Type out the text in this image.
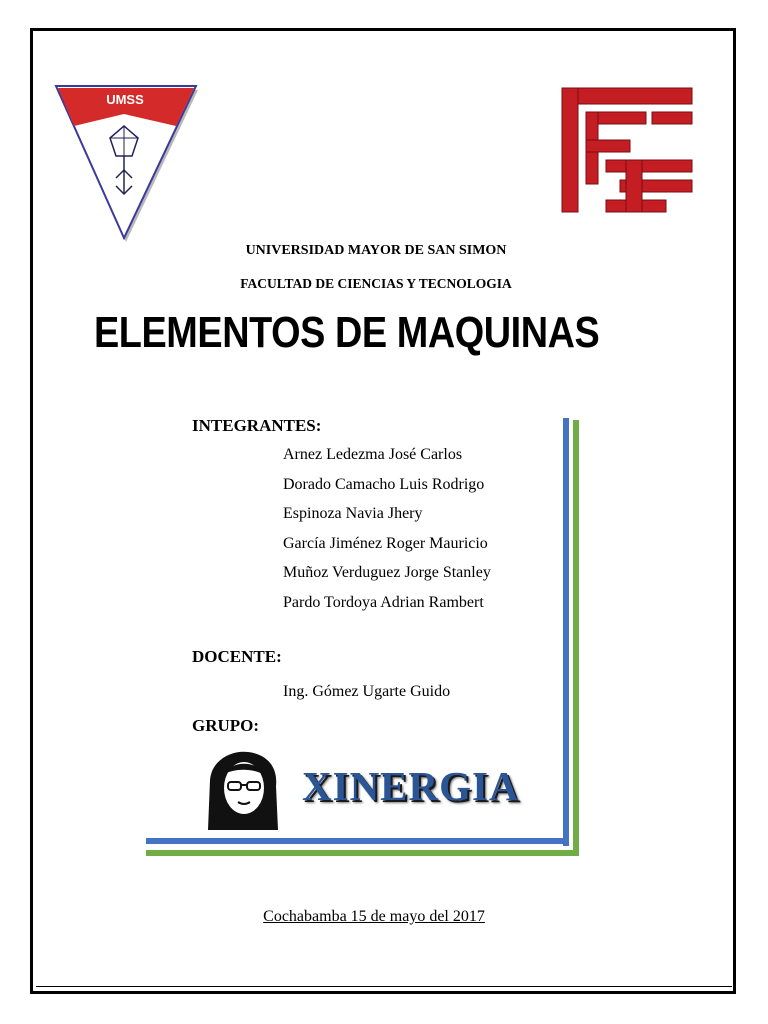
UMSS
UNIVERSIDAD MAYOR DE SAN SIMON
FACULTAD DE CIENCIAS Y TECNOLOGIA
ELEMENTOS DE MAQUINAS
INTEGRANTES:
Arnez Ledezma José Carlos
Dorado Camacho Luis Rodrigo
Espinoza Navia Jhery
García Jiménez Roger Mauricio
Muñoz Verduguez Jorge Stanley
Pardo Tordoya Adrian Rambert
DOCENTE:
Ing. Gómez Ugarte Guido
GRUPO:
XINERGIA
Cochabamba 15 de mayo del 2017
